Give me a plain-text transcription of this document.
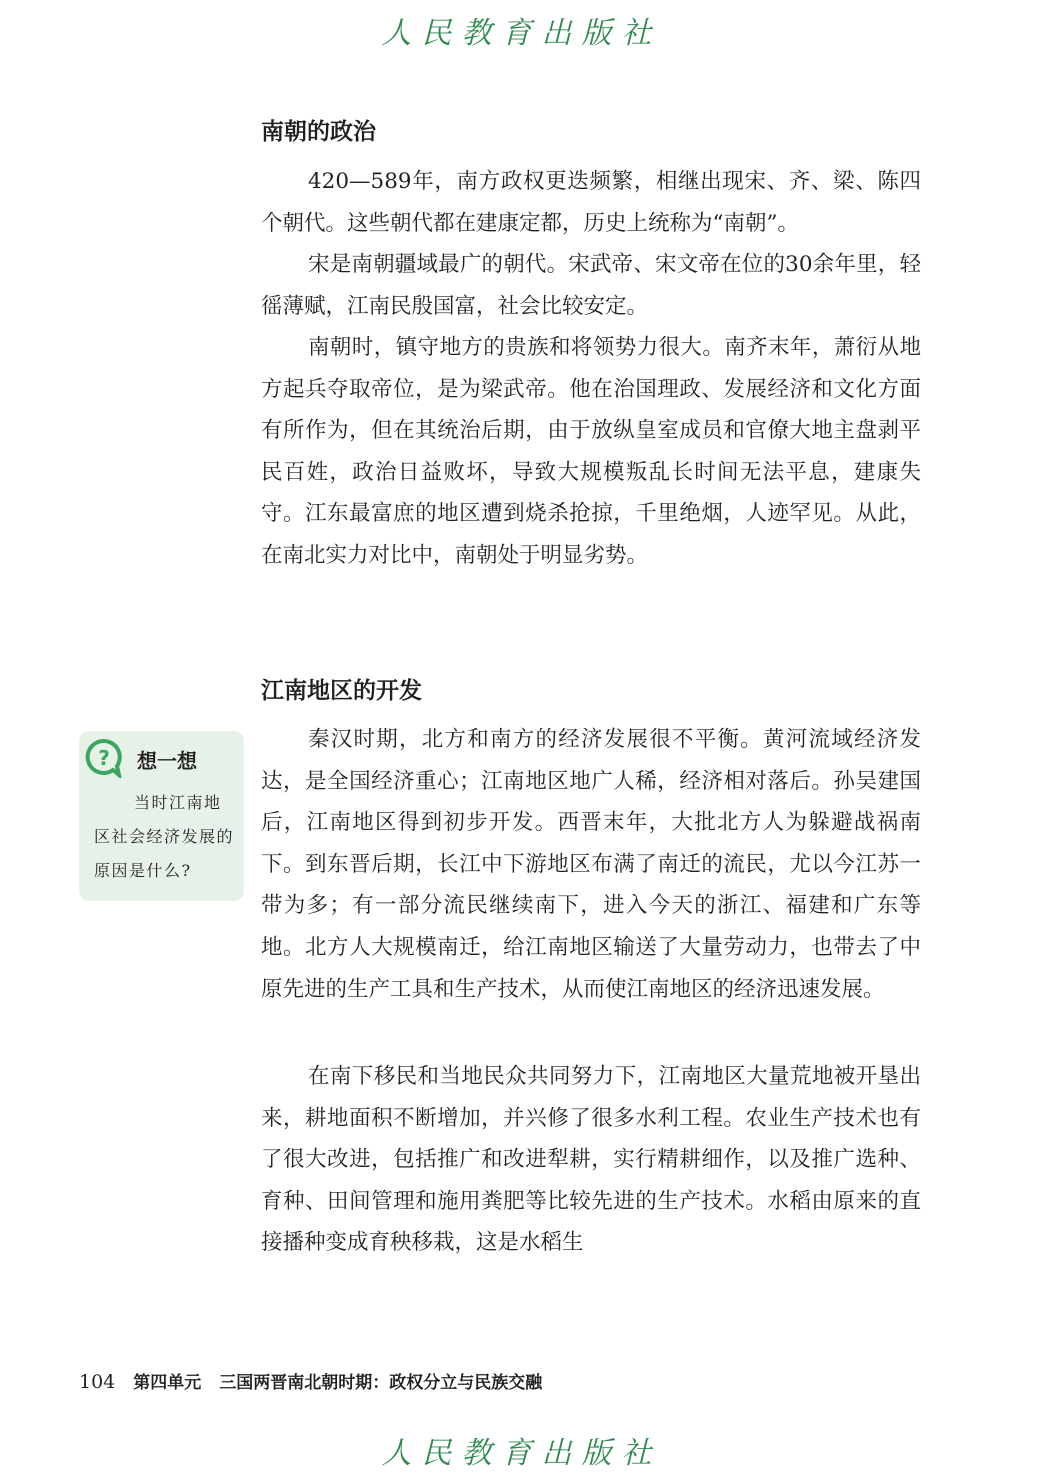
人民教育出版社
南朝的政治

420—589年，南方政权更迭频繁，相继出现宋、齐、梁、陈四个朝代。这些朝代都在建康定都，历史上统称为“南朝”。

宋是南朝疆域最广的朝代。宋武帝、宋文帝在位的30余年里，轻徭薄赋，江南民殷国富，社会比较安定。

南朝时，镇守地方的贵族和将领势力很大。南齐末年，萧衍从地方起兵夺取帝位，是为梁武帝。他在治国理政、发展经济和文化方面有所作为，但在其统治后期，由于放纵皇室成员和官僚大地主盘剥平民百姓，政治日益败坏，导致大规模叛乱长时间无法平息，建康失守。江东最富庶的地区遭到烧杀抢掠，千里绝烟，人迹罕见。从此，在南北实力对比中，南朝处于明显劣势。

江南地区的开发

秦汉时期，北方和南方的经济发展很不平衡。黄河流域经济发达，是全国经济重心；江南地区地广人稀，经济相对落后。孙吴建国后，江南地区得到初步开发。西晋末年，大批北方人为躲避战祸南下。到东晋后期，长江中下游地区布满了南迁的流民，尤以今江苏一带为多；有一部分流民继续南下，进入今天的浙江、福建和广东等地。北方人大规模南迁，给江南地区输送了大量劳动力，也带去了中原先进的生产工具和生产技术，从而使江南地区的经济迅速发展。

在南下移民和当地民众共同努力下，江南地区大量荒地被开垦出来，耕地面积不断增加，并兴修了很多水利工程。农业生产技术也有了很大改进，包括推广和改进犁耕，实行精耕细作，以及推广选种、育种、田间管理和施用粪肥等比较先进的生产技术。水稻由原来的直接播种变成育秧移栽，这是水稻生

? 想一想

当时江南地区社会经济发展的原因是什么?

104 第四单元 三国两晋南北朝时期：政权分立与民族交融
人民教育出版社
